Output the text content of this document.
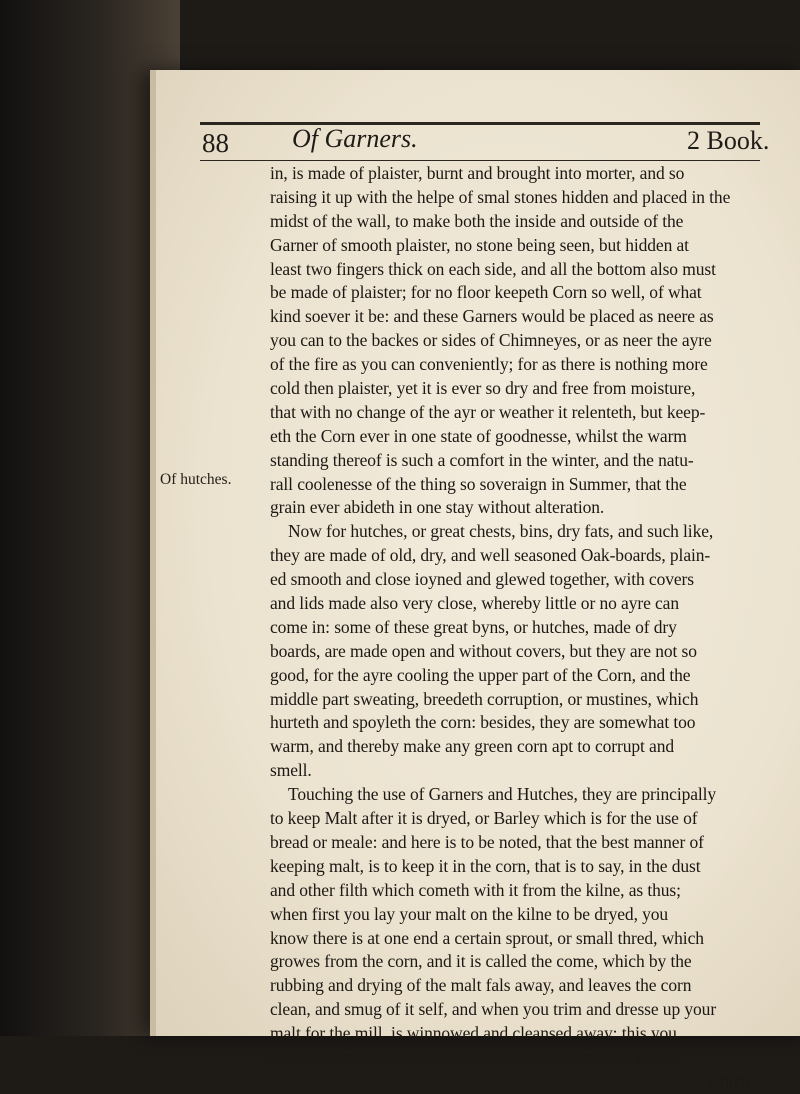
88 Of Garners.	2 Book.
Of hutches.
in, is made of plaister, burnt and brought into morter, and so
raising it up with the helpe of smal stones hidden and placed in the
midst of the wall, to make both the inside and outside of the
Garner of smooth plaister, no stone being seen, but hidden at
least two fingers thick on each side, and all the bottom also must
be made of plaister; for no floor keepeth Corn so well, of what
kind soever it be: and these Garners would be placed as neere as
you can to the backes or sides of Chimneyes, or as neer the ayre
of the fire as you can conveniently; for as there is nothing more
cold then plaister, yet it is ever so dry and free from moisture,
that with no change of the ayr or weather it relenteth, but keep-
eth the Corn ever in one state of goodnesse, whilst the warm
standing thereof is such a comfort in the winter, and the natu-
rall coolenesse of the thing so soveraign in Summer, that the
grain ever abideth in one stay without alteration.
Now for hutches, or great chests, bins, dry fats, and such like,
they are made of old, dry, and well seasoned Oak-boards, plain-
ed smooth and close ioyned and glewed together, with covers
and lids made also very close, whereby little or no ayre can
come in: some of these great byns, or hutches, made of dry
boards, are made open and without covers, but they are not so
good, for the ayre cooling the upper part of the Corn, and the
middle part sweating, breedeth corruption, or mustines, which
hurteth and spoyleth the corn: besides, they are somewhat too
warm, and thereby make any green corn apt to corrupt and
smell.
Touching the use of Garners and Hutches, they are principally
to keep Malt after it is dryed, or Barley which is for the use of
bread or meale: and here is to be noted, that the best manner of
keeping malt, is to keep it in the corn, that is to say, in the dust
and other filth which cometh with it from the kilne, as thus;
when first you lay your malt on the kilne to be dryed, you
know there is at one end a certain sprout, or small thred, which
growes from the corn, and it is called the come, which by the
rubbing and drying of the malt fals away, and leaves the corn
clean, and smug of it self, and when you trim and dresse up your
malt for the mill, is winnowed and cleansed away: this you
shall preserve and put altogether into your Garner or hutch,
which
